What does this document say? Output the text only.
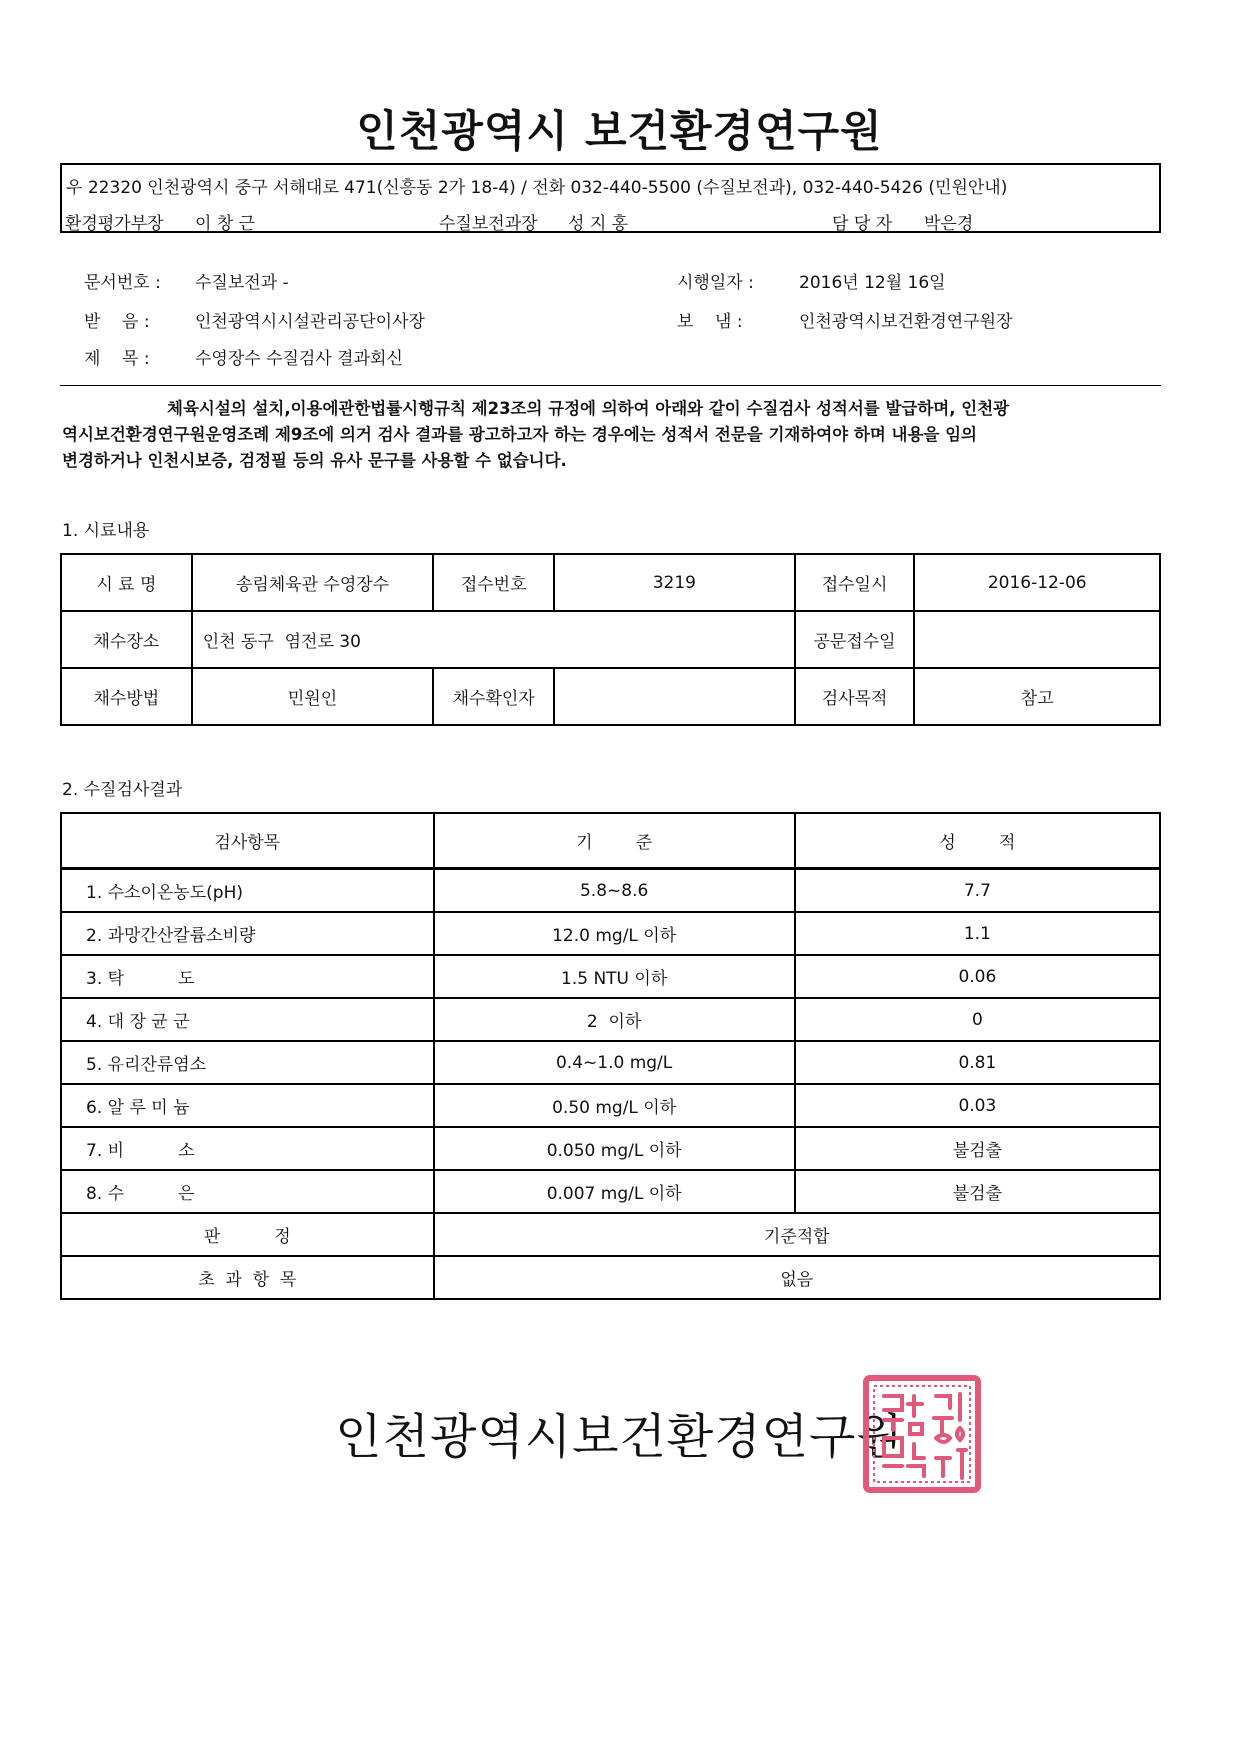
인천광역시 보건환경연구원
우 22320 인천광역시 중구 서해대로 471(신흥동 2가 18-4) / 전화 032-440-5500 (수질보전과), 032-440-5426 (민원안내)
환경평가부장 이 창 근	수질보전과장 성 지 홍	담 당 자 박은경
문서번호 : 수질보전과 -	시행일자 :	2016년 12월 16일
받    음 :	인천광역시시설관리공단이사장	보    냄 :	인천광역시보건환경연구원장
제    목 :	수영장수 수질검사 결과회신
체육시설의 설치,이용에관한법률시행규칙 제23조의 규정에 의하여 아래와 같이 수질검사 성적서를 발급하며, 인천광
역시보건환경연구원운영조례 제9조에 의거 검사 결과를 광고하고자 하는 경우에는 성적서 전문을 기재하여야 하며 내용을 임의
변경하거나 인천시보증, 검정필 등의 유사 문구를 사용할 수 없습니다.
1. 시료내용
시 료 명	송림체육관 수영장수	접수번호	3219	접수일시	2016-12-06
채수장소	인천 동구  염전로 30			공문접수일	
채수방법	민원인	채수확인자		검사목적	참고
2. 수질검사결과
검사항목	기        준	성        적
1. 수소이온농도(pH)	5.8~8.6	7.7
2. 과망간산칼륨소비량	12.0 mg/L 이하	1.1
3. 탁          도	1.5 NTU 이하	0.06
4. 대 장 균 군	2  이하	0
5. 유리잔류염소	0.4~1.0 mg/L	0.81
6. 알 루 미 늄	0.50 mg/L 이하	0.03
7. 비          소	0.050 mg/L 이하	불검출
8. 수          은	0.007 mg/L 이하	불검출
판          정	기준적합	
초  과  항  목	없음	
인천광역시보건환경연구원
